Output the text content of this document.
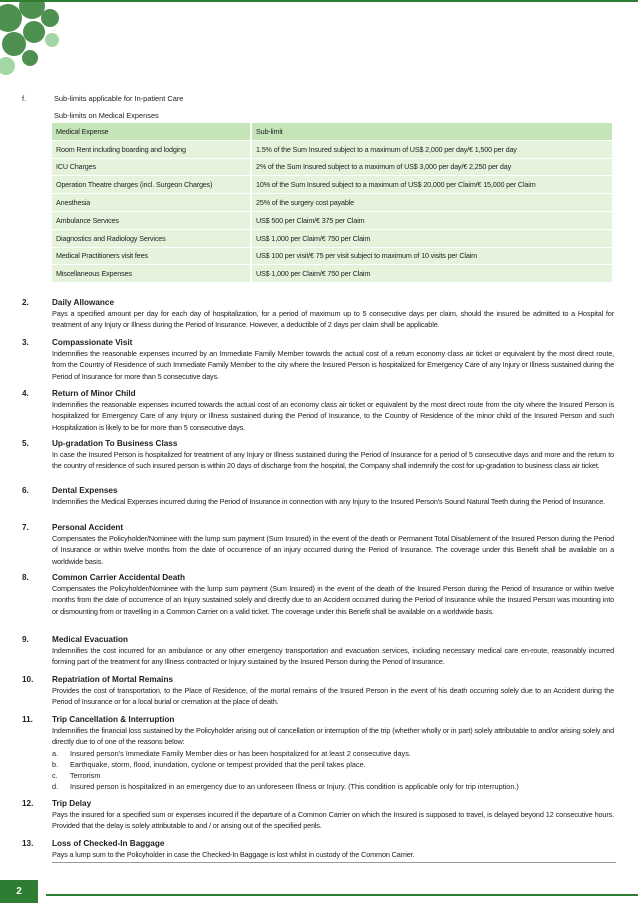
f.	Sub-limits applicable for In-patient Care
Sub-limits on Medical Expenses
Medical Expense	Sub-limit
Room Rent including boarding and lodging	1.5% of the Sum Insured subject to a maximum of US$ 2,000 per day/€ 1,500 per day
ICU Charges	2% of the Sum Insured subject to a maximum of US$ 3,000 per day/€ 2,250 per day
Operation Theatre charges (incl. Surgeon Charges)	10% of the Sum Insured subject to a maximum of US$ 20,000 per Claim/€ 15,000 per Claim
Anesthesia	25% of the surgery cost payable
Ambulance Services	US$ 500 per Claim/€ 375 per Claim
Diagnostics and Radiology Services	US$ 1,000 per Claim/€ 750 per Claim
Medical Practitioners visit fees	US$ 100 per visit/€ 75 per visit subject to maximum of 10 visits per Claim
Miscellaneous Expenses	US$ 1,000 per Claim/€ 750 per Claim
2.	Daily Allowance
Pays a specified amount per day for each day of hospitalization, for a period of maximum up to 5 consecutive days per claim, should the insured be admitted to a Hospital for treatment of any Injury or Illness during the Period of Insurance. However, a deductible of 2 days per claim shall be applicable.
3.	Compassionate Visit
Indemnifies the reasonable expenses incurred by an Immediate Family Member towards the actual cost of a return economy class air ticket or equivalent by the most direct route, from the Country of Residence of such Immediate Family Member to the city where the Insured Person is hospitalized for Emergency Care of any Injury or Illness sustained during the Period of Insurance for more than 5 consecutive days.
4.	Return of Minor Child
Indemnifies the reasonable expenses incurred towards the actual cost of an economy class air ticket or equivalent by the most direct route from the city where the Insured Person is hospitalized for Emergency Care of any Injury or Illness sustained during the Period of Insurance, to the Country of Residence of the minor child of the Insured Person and such Hospitalization is likely to be for more than 5 consecutive days.
5.	Up-gradation To Business Class
In case the Insured Person is hospitalized for treatment of any Injury or Illness sustained during the Period of Insurance for a period of 5 consecutive days and more and the return to the country of residence of such insured person is within 20 days of discharge from the hospital, the Company shall indemnify the cost for up-gradation to business class air ticket.
6.	Dental Expenses
Indemnifies the Medical Expenses incurred during the Period of Insurance in connection with any Injury to the Insured Person's Sound Natural Teeth during the Period of Insurance.
7.	Personal Accident
Compensates the Policyholder/Nominee with the lump sum payment (Sum Insured) in the event of the death or Permanent Total Disablement of the Insured Person during the Period of Insurance or within twelve months from the date of occurrence of an injury occurred during the Period of Insurance. The coverage under this Benefit shall be available on a worldwide basis.
8.	Common Carrier Accidental Death
Compensates the Policyholder/Nominee with the lump sum payment (Sum Insured) in the event of the death of the Insured Person during the Period of Insurance or within twelve months from the date of occurrence of an Injury sustained solely and directly due to an Accident occurred during the Period of Insurance while the Insured Person was mounting into or dismounting from or travelling in a Common Carrier on a valid ticket. The coverage under this Benefit shall be available on a worldwide basis.
9.	Medical Evacuation
Indemnifies the cost incurred for an ambulance or any other emergency transportation and evacuation services, including necessary medical care en-route, reasonably incurred forming part of the treatment for any Illness contracted or Injury sustained by the Insured Person during the Period of Insurance.
10. Repatriation of Mortal Remains
Provides the cost of transportation, to the Place of Residence, of the mortal remains of the Insured Person in the event of his death occurring solely due to an Accident during the Period of Insurance or for a local burial or cremation at the place of death.
11. Trip Cancellation & Interruption
Indemnifies the financial loss sustained by the Policyholder arising out of cancellation or interruption of the trip (whether wholly or in part) solely attributable to and/or arising solely and directly due to of one of the reasons below:
a. Insured person's Immediate Family Member dies or has been hospitalized for at least 2 consecutive days.
b. Earthquake, storm, flood, inundation, cyclone or tempest provided that the peril takes place.
c. Terrorism
d. Insured person is hospitalized in an emergency due to an unforeseen Illness or Injury. (This condition is applicable only for trip interruption.)
12. Trip Delay
Pays the insured for a specified sum or expenses incurred if the departure of a Common Carrier on which the Insured is supposed to travel, is delayed beyond 12 consecutive hours. Provided that the delay is solely attributable to and / or arising out of the specified perils.
13. Loss of Checked-In Baggage
Pays a lump sum to the Policyholder in case the Checked-In Baggage is lost whilst in custody of the Common Carrier.
2
